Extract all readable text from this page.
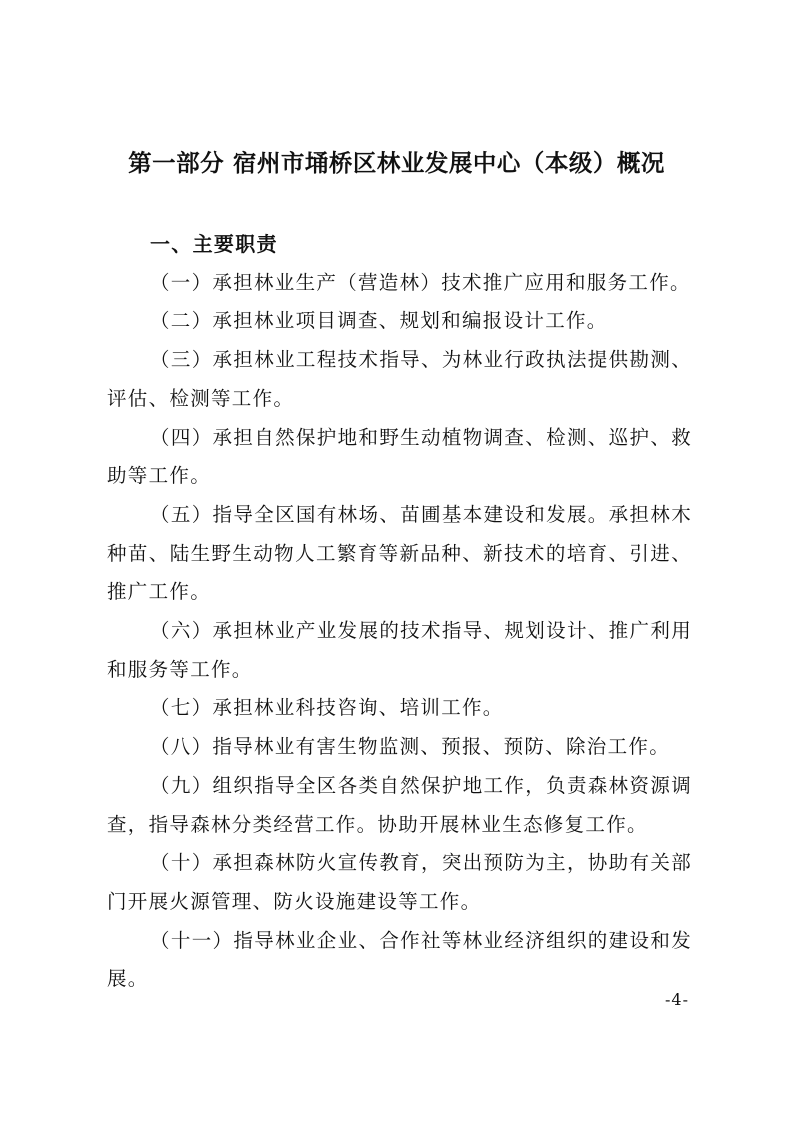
第一部分 宿州市埇桥区林业发展中心（本级）概况

一、主要职责

（一）承担林业生产（营造林）技术推广应用和服务工作。

（二）承担林业项目调查、规划和编报设计工作。

（三）承担林业工程技术指导、为林业行政执法提供勘测、评估、检测等工作。

（四）承担自然保护地和野生动植物调查、检测、巡护、救助等工作。

（五）指导全区国有林场、苗圃基本建设和发展。承担林木种苗、陆生野生动物人工繁育等新品种、新技术的培育、引进、推广工作。

（六）承担林业产业发展的技术指导、规划设计、推广利用和服务等工作。

（七）承担林业科技咨询、培训工作。

（八）指导林业有害生物监测、预报、预防、除治工作。

（九）组织指导全区各类自然保护地工作，负责森林资源调查，指导森林分类经营工作。协助开展林业生态修复工作。

（十）承担森林防火宣传教育，突出预防为主，协助有关部门开展火源管理、防火设施建设等工作。

（十一）指导林业企业、合作社等林业经济组织的建设和发展。

-4-
